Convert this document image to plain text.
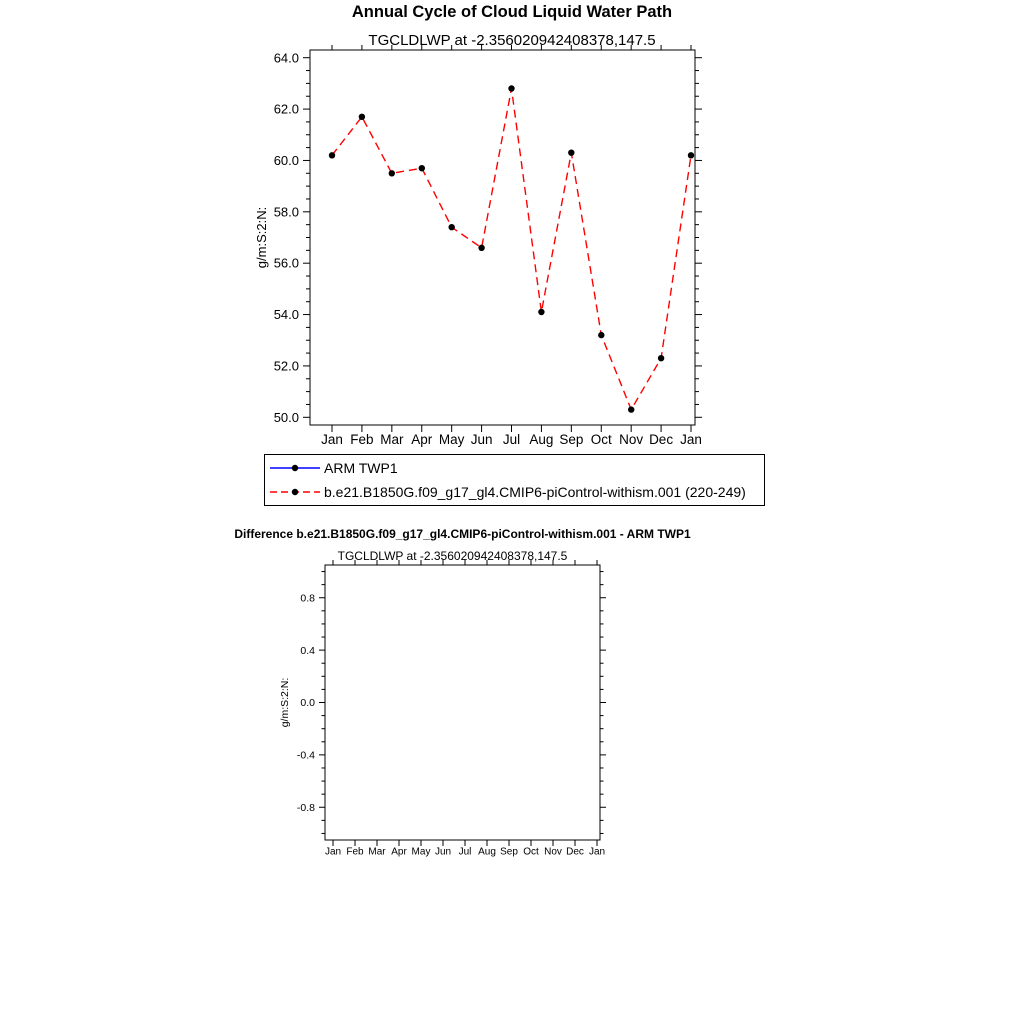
Annual Cycle of Cloud Liquid Water Path
TGCLDLWP at -2.356020942408378,147.5
50.0
52.0
54.0
56.0
58.0
60.0
62.0
64.0
Jan Feb Mar Apr May Jun Jul Aug Sep Oct Nov Dec Jan
g/m:S:2:N:
ARM TWP1
b.e21.B1850G.f09_g17_gl4.CMIP6-piControl-withism.001 (220-249)
Difference b.e21.B1850G.f09_g17_gl4.CMIP6-piControl-withism.001 - ARM TWP1
TGCLDLWP at -2.356020942408378,147.5
-0.8
-0.4
0.0
0.4
0.8
Jan Feb Mar Apr May Jun Jul Aug Sep Oct Nov Dec Jan
g/m:S:2:N:
